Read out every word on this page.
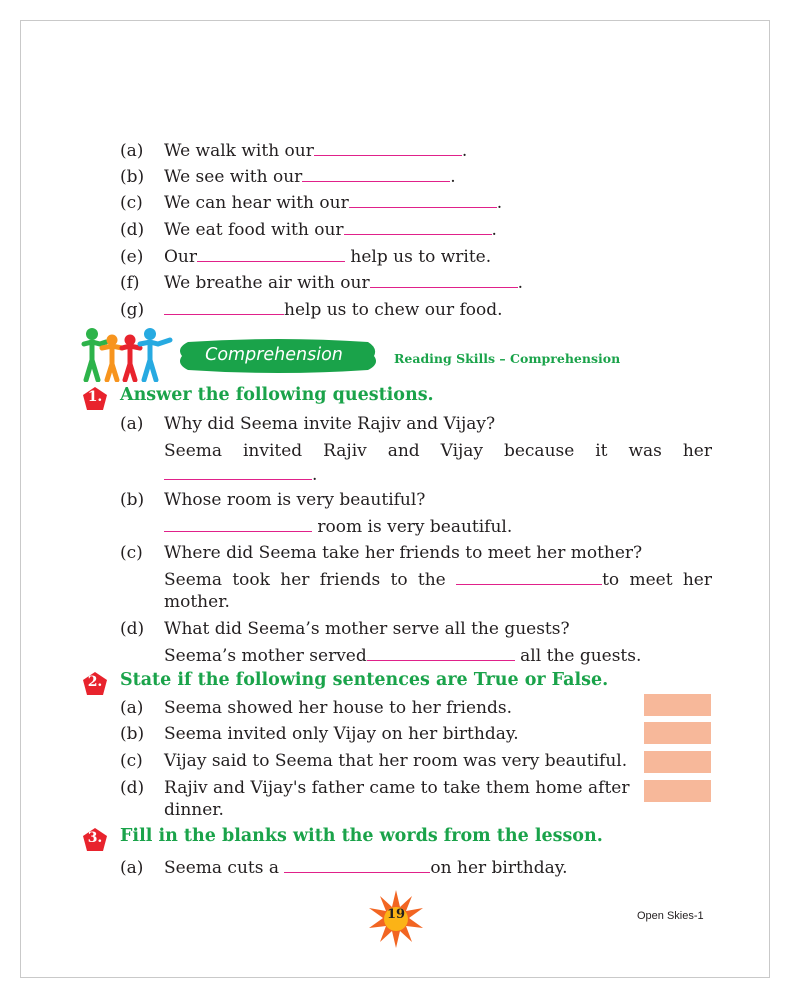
(a) We walk with our	.
(b) We see with our	.
(c) We can hear with our	.
(d) We eat food with our	.
(e) Our	help us to write.
(f) We breathe air with our	.
(g)	help us to chew our food.
Comprehension	Reading Skills – Comprehension
1.	Answer the following questions.
(a) Why did Seema invite Rajiv and Vijay?
Seema invited Rajiv and Vijay because it was her
.
(b) Whose room is very beautiful?
room is very beautiful.
(c) Where did Seema take her friends to meet her mother?
Seema took her friends to the	to meet her
mother.
(d) What did Seema’s mother serve all the guests?
Seema’s mother served	all the guests.
2.	State if the following sentences are True or False.
(a) Seema showed her house to her friends.
(b) Seema invited only Vijay on her birthday.
(c) Vijay said to Seema that her room was very beautiful.
(d) Rajiv and Vijay's father came to take them home after
dinner.
3.	Fill in the blanks with the words from the lesson.
(a) Seema cuts a	on her birthday.
19	Open Skies-1
